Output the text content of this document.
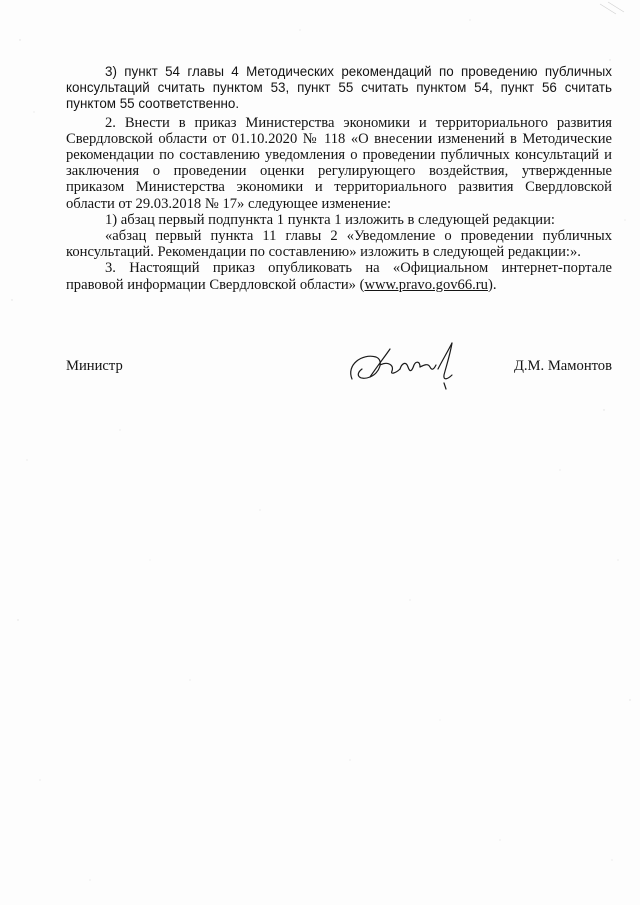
3) пункт 54 главы 4 Методических рекомендаций по проведению публичных консультаций считать пунктом 53, пункт 55 считать пунктом 54, пункт 56 считать пунктом 55 соответственно.

2. Внести в приказ Министерства экономики и территориального развития Свердловской области от 01.10.2020 № 118 «О внесении изменений в Методические рекомендации по составлению уведомления о проведении публичных консультаций и заключения о проведении оценки регулирующего воздействия, утвержденные приказом Министерства экономики и территориального развития Свердловской области от 29.03.2018 № 17» следующее изменение:

1) абзац первый подпункта 1 пункта 1 изложить в следующей редакции:

«абзац первый пункта 11 главы 2 «Уведомление о проведении публичных консультаций. Рекомендации по составлению» изложить в следующей редакции:».

3. Настоящий приказ опубликовать на «Официальном интернет-портале правовой информации Свердловской области» (www.pravo.gov66.ru).

Министр	Д.М. Мамонтов
